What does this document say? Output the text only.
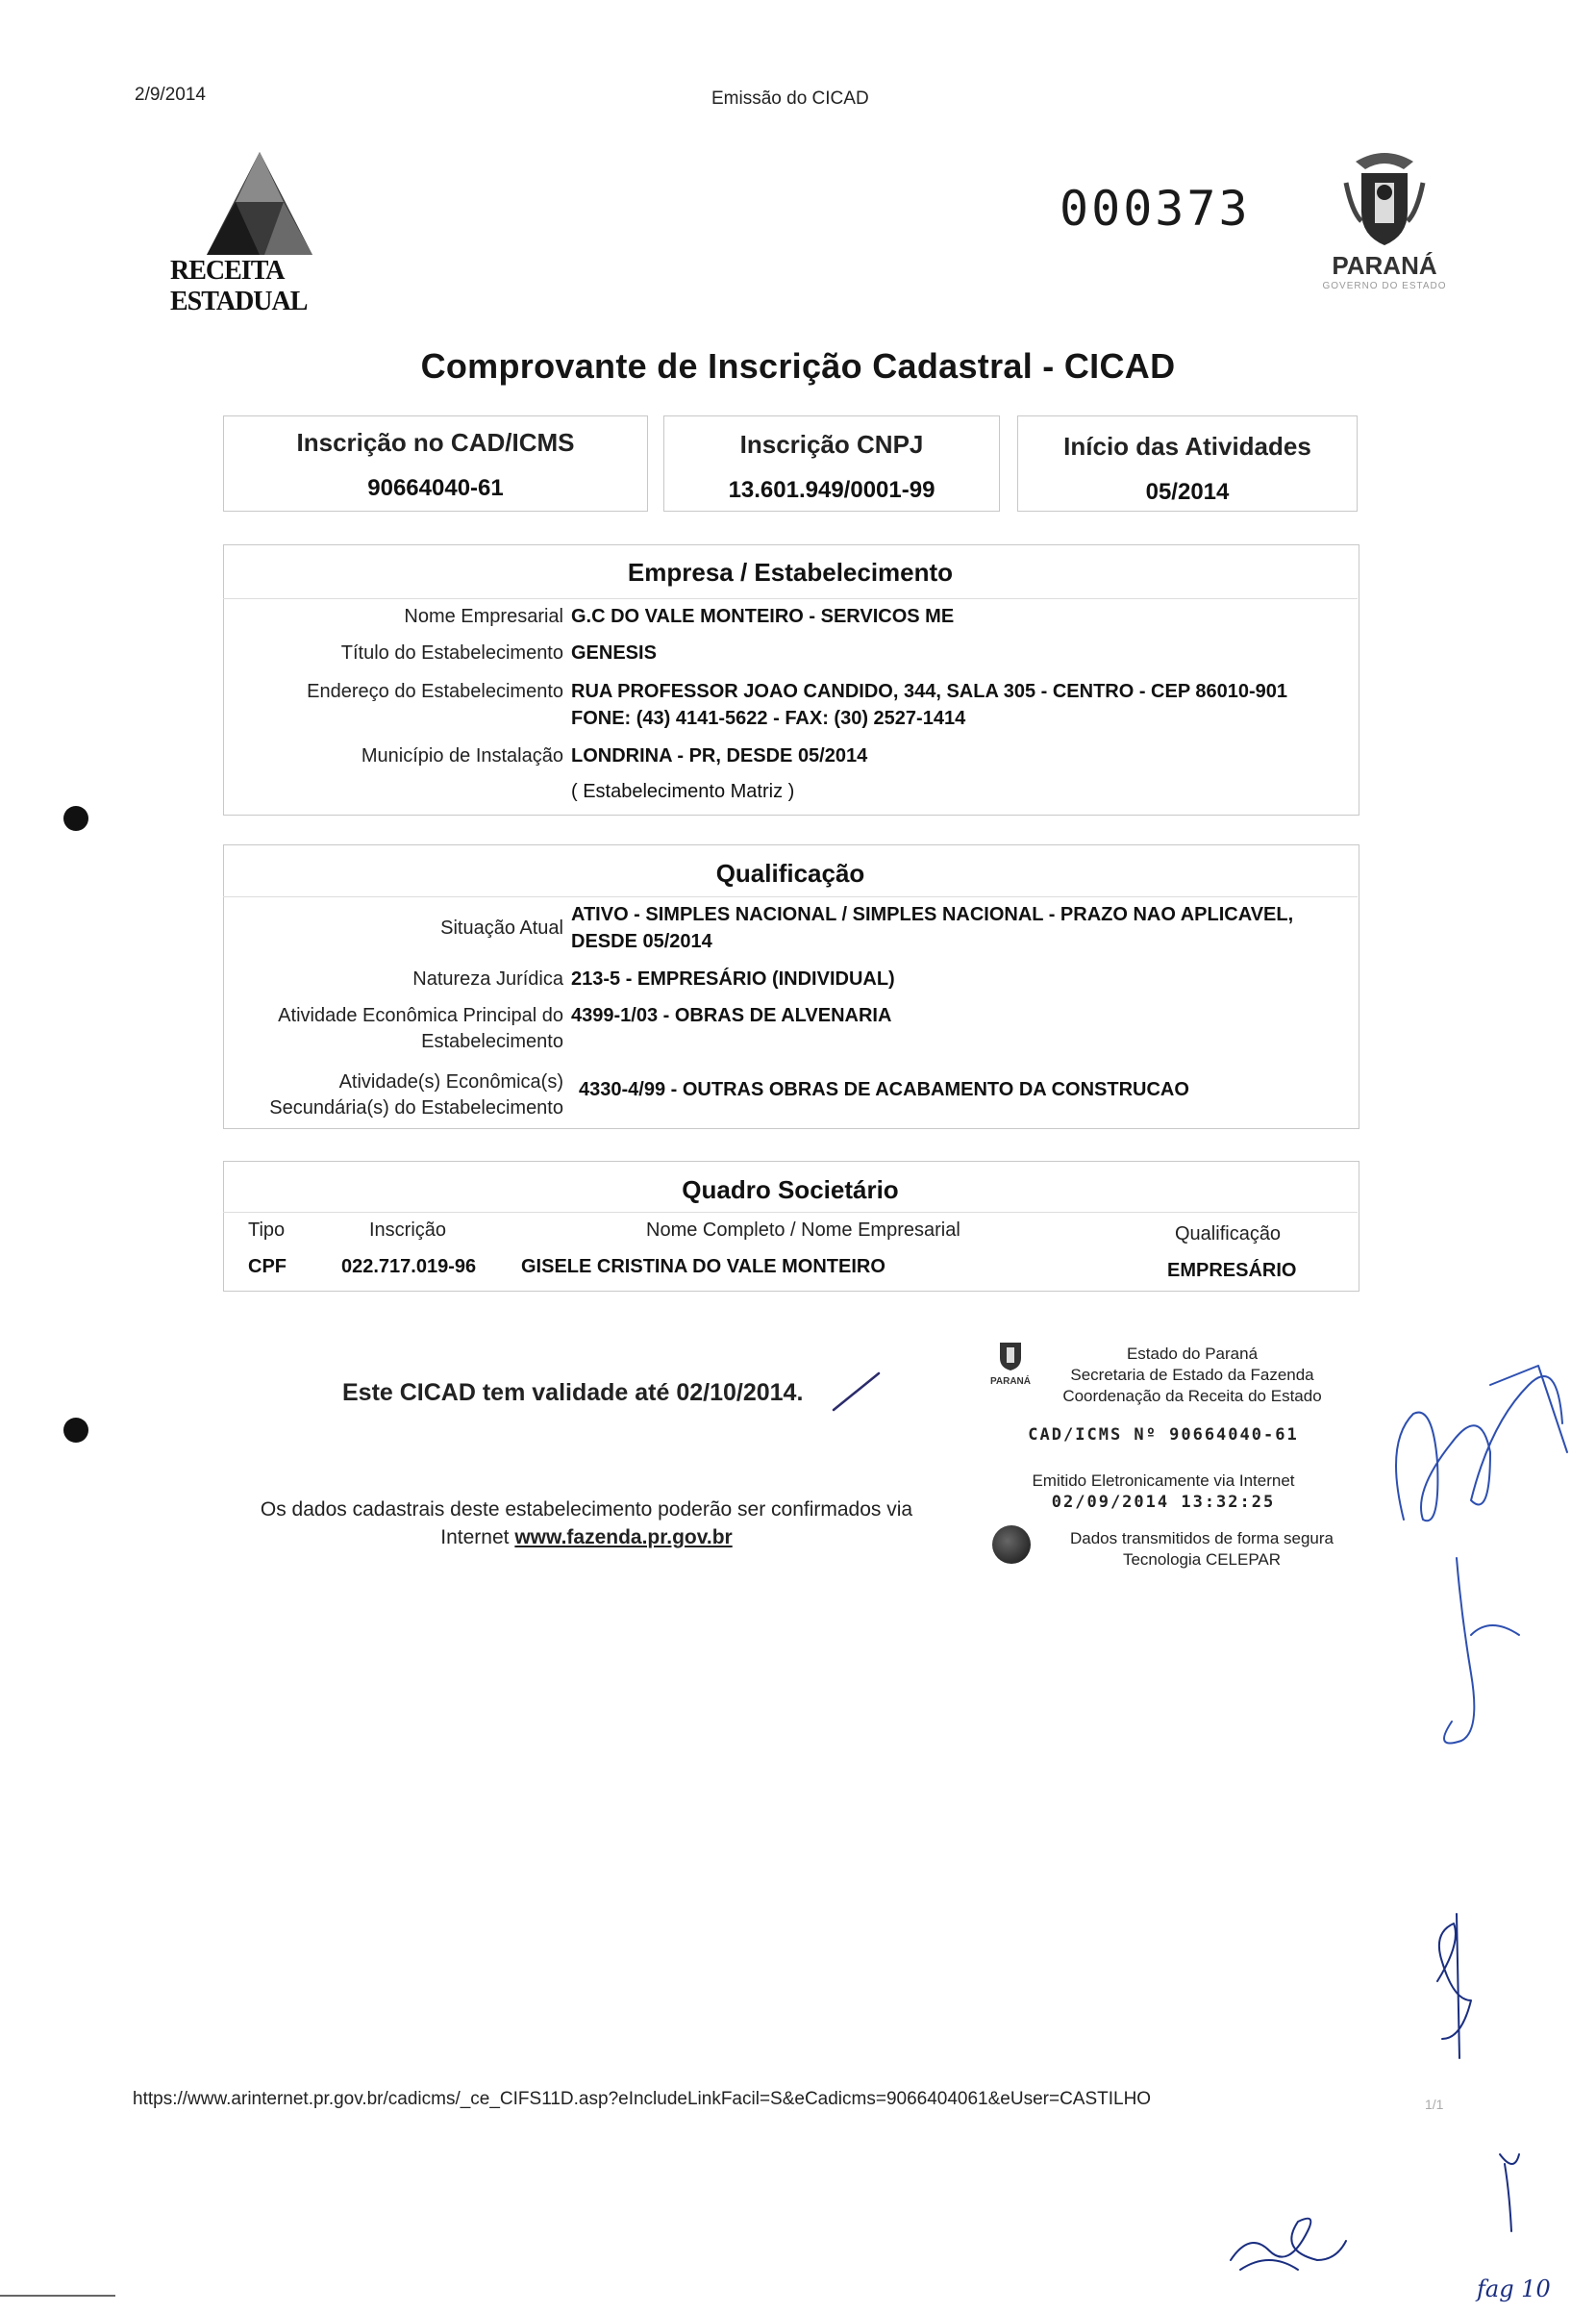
2/9/2014	Emissão do CICAD
RECEITA ESTADUAL
000373
PARANÁ
GOVERNO DO ESTADO
Comprovante de Inscrição Cadastral - CICAD
Inscrição no CAD/ICMS
90664040-61
Inscrição CNPJ
13.601.949/0001-99
Início das Atividades
05/2014
Empresa / Estabelecimento
Nome Empresarial G.C DO VALE MONTEIRO - SERVICOS ME
Título do Estabelecimento GENESIS
Endereço do Estabelecimento RUA PROFESSOR JOAO CANDIDO, 344, SALA 305 - CENTRO - CEP 86010-901
FONE: (43) 4141-5622 - FAX: (30) 2527-1414
Município de Instalação LONDRINA - PR, DESDE 05/2014
( Estabelecimento Matriz )
Qualificação
Situação Atual
ATIVO - SIMPLES NACIONAL / SIMPLES NACIONAL - PRAZO NAO APLICAVEL,
DESDE 05/2014
Natureza Jurídica 213-5 - EMPRESÁRIO (INDIVIDUAL)
Atividade Econômica Principal do
Estabelecimento
4399-1/03 - OBRAS DE ALVENARIA
Atividade(s) Econômica(s)
Secundária(s) do Estabelecimento
4330-4/99 - OUTRAS OBRAS DE ACABAMENTO DA CONSTRUCAO
Quadro Societário
Tipo	Inscrição	Nome Completo / Nome Empresarial	Qualificação
CPF	022.717.019-96 GISELE CRISTINA DO VALE MONTEIRO	EMPRESÁRIO
Este CICAD tem validade até 02/10/2014.
Os dados cadastrais deste estabelecimento poderão ser confirmados via
Internet www.fazenda.pr.gov.br
PARANÁ
Estado do Paraná
Secretaria de Estado da Fazenda
Coordenação da Receita do Estado
CAD/ICMS Nº 90664040-61
Emitido Eletronicamente via Internet
02/09/2014 13:32:25
Dados transmitidos de forma segura
Tecnologia CELEPAR
fag 10
https://www.arinternet.pr.gov.br/cadicms/_ce_CIFS11D.asp?eIncludeLinkFacil=S&eCadicms=9066404061&eUser=CASTILHO	1/1
